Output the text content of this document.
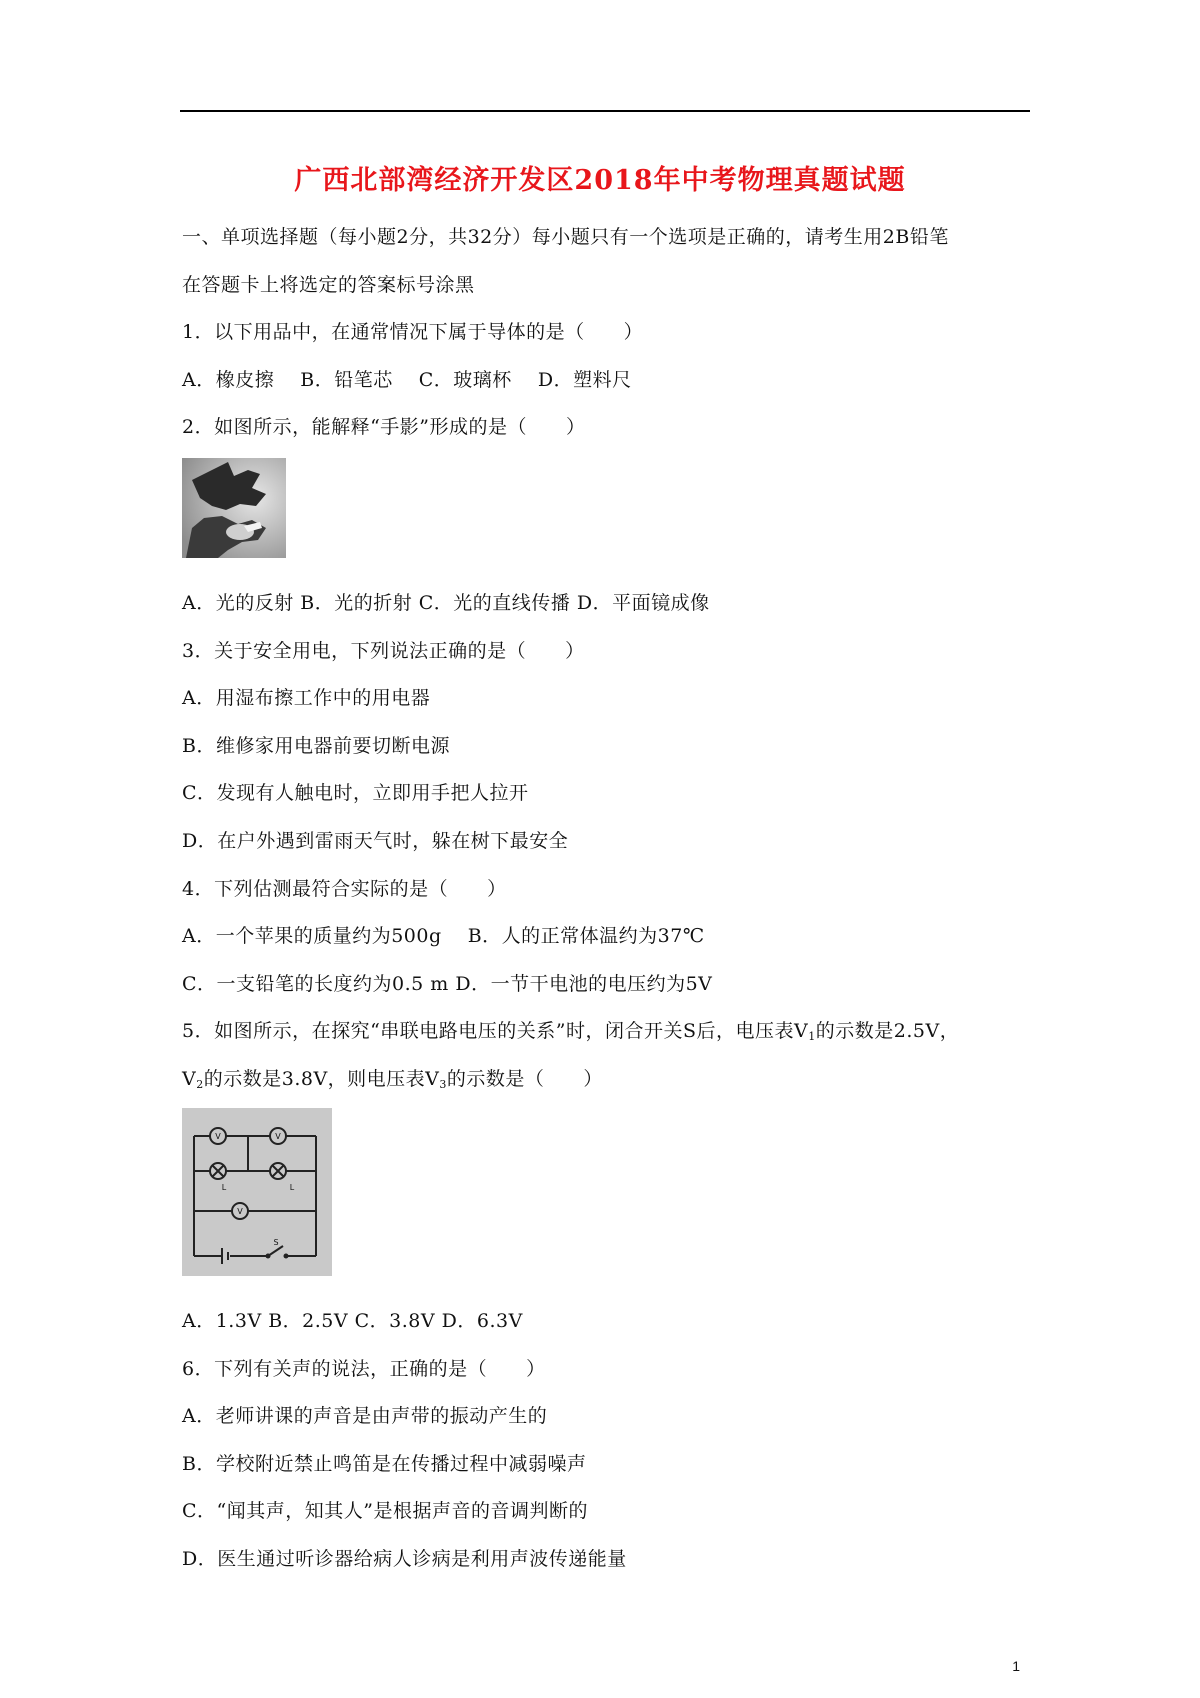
广西北部湾经济开发区2018年中考物理真题试题
一、单项选择题（每小题2分，共32分）每小题只有一个选项是正确的，请考生用2B铅笔
在答题卡上将选定的答案标号涂黑
1．以下用品中，在通常情况下属于导体的是（　　）
A．橡皮擦　 B．铅笔芯　 C．玻璃杯　 D．塑料尺
2．如图所示，能解释“手影”形成的是（　　）
A．光的反射 B．光的折射 C．光的直线传播 D．平面镜成像
3．关于安全用电，下列说法正确的是（　　）
A．用湿布擦工作中的用电器
B．维修家用电器前要切断电源
C．发现有人触电时，立即用手把人拉开
D．在户外遇到雷雨天气时，躲在树下最安全
4．下列估测最符合实际的是（　　）
A．一个苹果的质量约为500g　 B．人的正常体温约为37℃
C．一支铅笔的长度约为0.5 m D．一节干电池的电压约为5V
5．如图所示，在探究“串联电路电压的关系”时，闭合开关S后，电压表$V_1$的示数是2.5V，
$V_2$的示数是3.8V，则电压表$V_3$的示数是（　　）
V	V
V
L	L
S
A．1.3V B．2.5V C．3.8V D．6.3V
6．下列有关声的说法，正确的是（　　）
A．老师讲课的声音是由声带的振动产生的
B．学校附近禁止鸣笛是在传播过程中减弱噪声
C．“闻其声，知其人”是根据声音的音调判断的
D．医生通过听诊器给病人诊病是利用声波传递能量
1
